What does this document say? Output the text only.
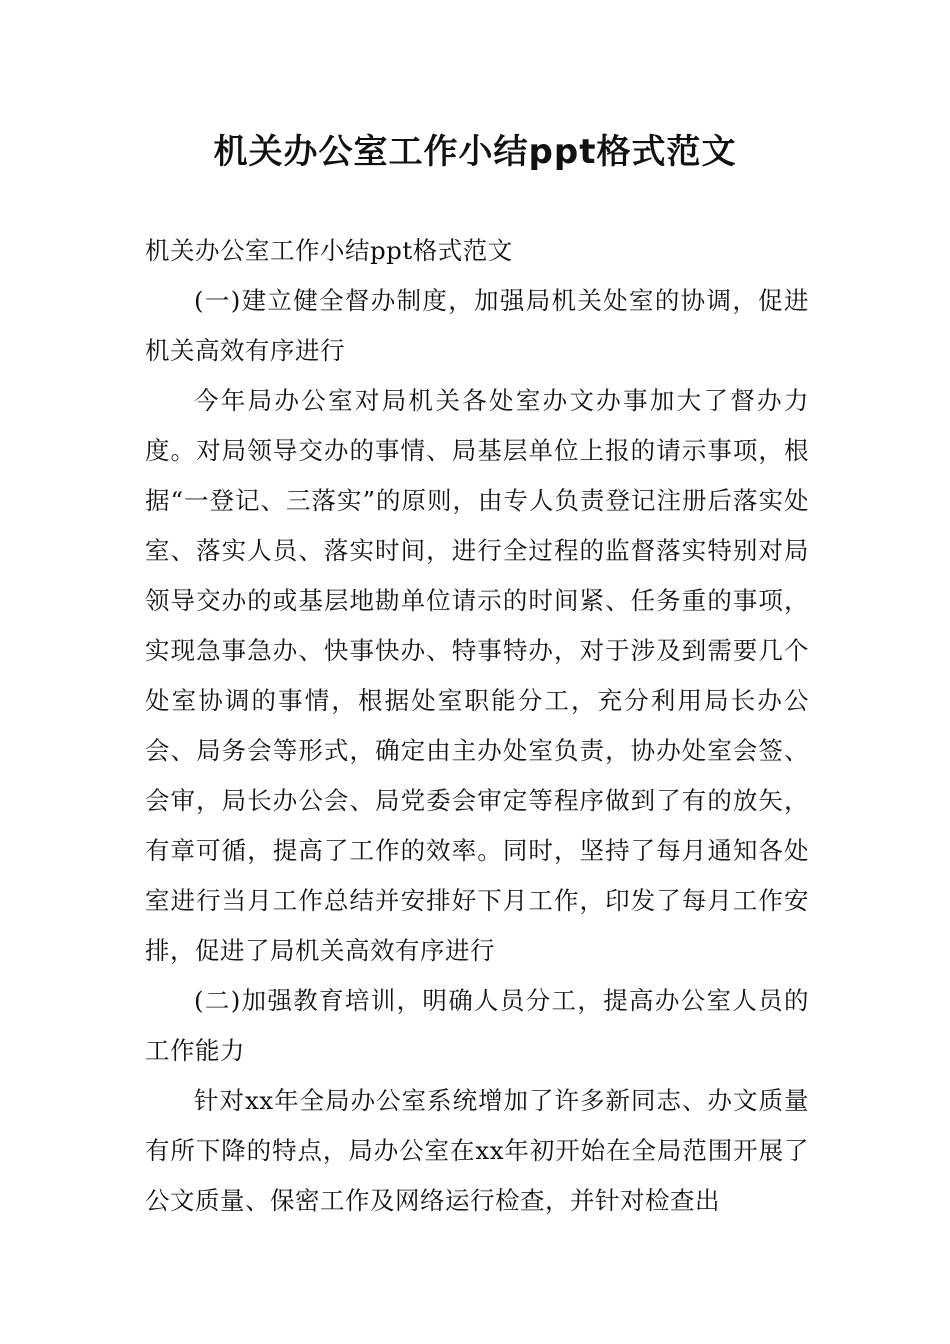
机关办公室工作小结ppt格式范文

机关办公室工作小结ppt格式范文

(一)建立健全督办制度，加强局机关处室的协调，促进机关高效有序进行

今年局办公室对局机关各处室办文办事加大了督办力度。对局领导交办的事情、局基层单位上报的请示事项，根据“一登记、三落实”的原则，由专人负责登记注册后落实处室、落实人员、落实时间，进行全过程的监督落实特别对局领导交办的或基层地勘单位请示的时间紧、任务重的事项，实现急事急办、快事快办、特事特办，对于涉及到需要几个处室协调的事情，根据处室职能分工，充分利用局长办公会、局务会等形式，确定由主办处室负责，协办处室会签、会审，局长办公会、局党委会审定等程序做到了有的放矢，有章可循，提高了工作的效率。同时，坚持了每月通知各处室进行当月工作总结并安排好下月工作，印发了每月工作安排，促进了局机关高效有序进行

(二)加强教育培训，明确人员分工，提高办公室人员的工作能力

针对xx年全局办公室系统增加了许多新同志、办文质量有所下降的特点，局办公室在xx年初开始在全局范围开展了公文质量、保密工作及网络运行检查，并针对检查出
